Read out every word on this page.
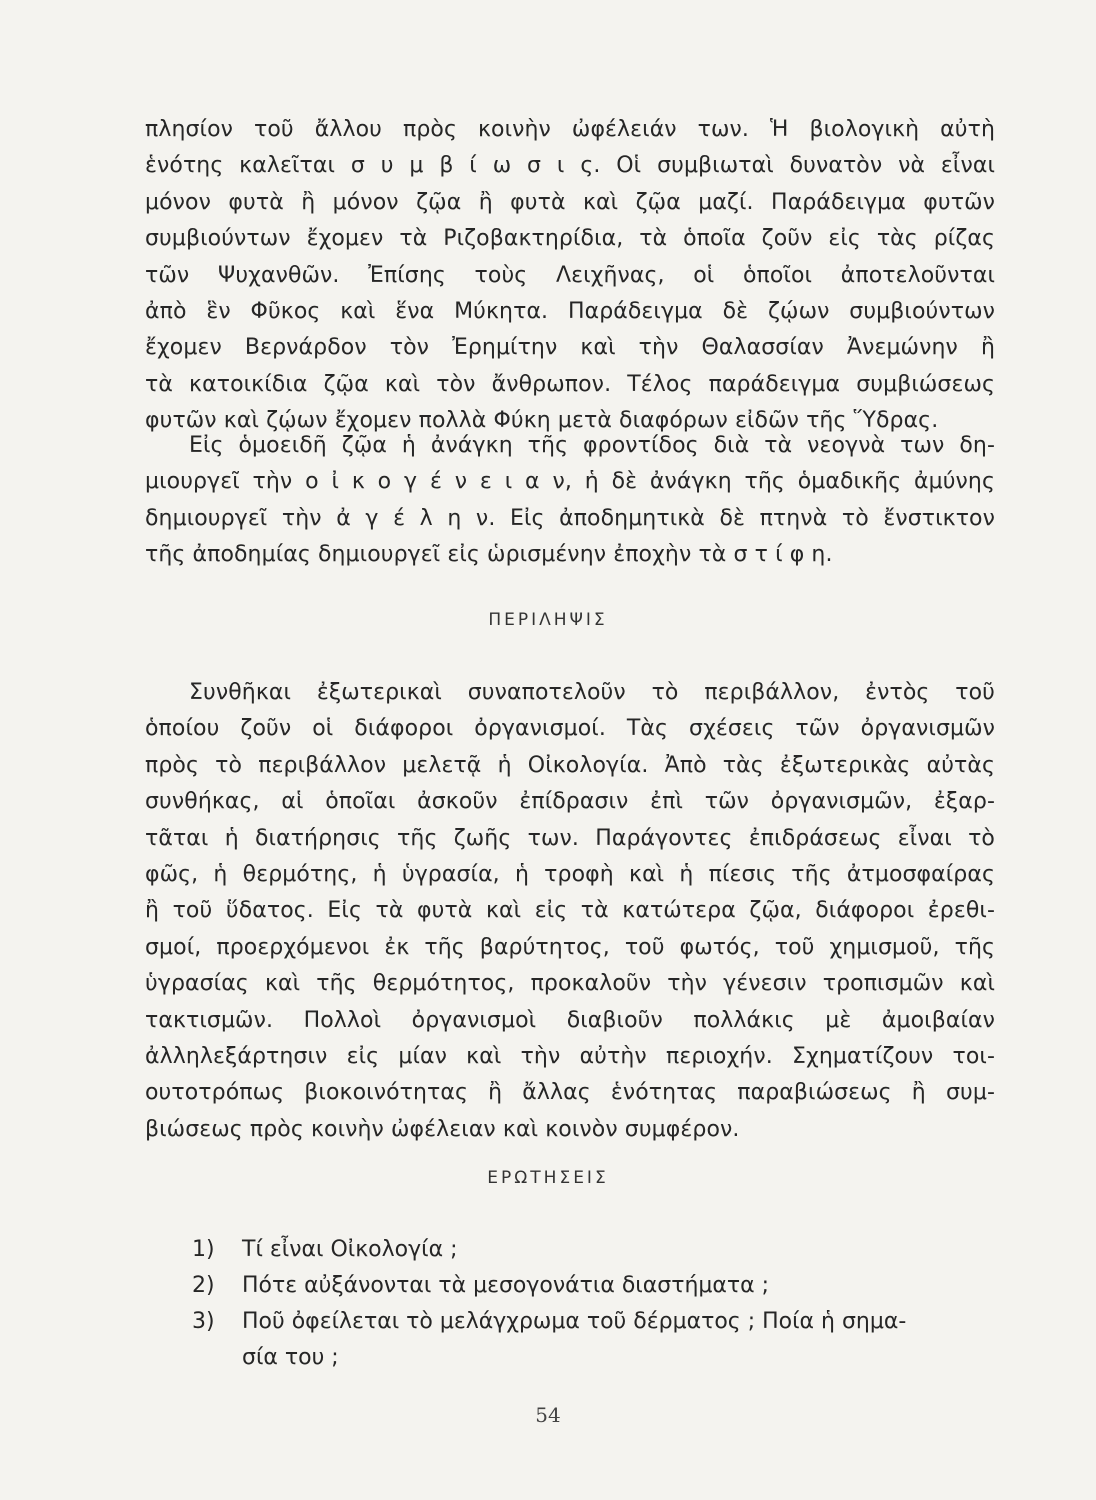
πλησίον τοῦ ἄλλου πρὸς κοινὴν ὠφέλειάν των. Ἡ βιολογικὴ αὐτὴ

ἑνότης καλεῖται σ υ μ β ί ω σ ι ς. Οἱ συμβιωταὶ δυνατὸν νὰ εἶναι

μόνον φυτὰ ἢ μόνον ζῷα ἢ φυτὰ καὶ ζῷα μαζί. Παράδειγμα φυτῶν

συμβιούντων ἔχομεν τὰ Ριζοβακτηρίδια, τὰ ὁποῖα ζοῦν εἰς τὰς ρίζας

τῶν Ψυχανθῶν. Ἐπίσης τοὺς Λειχῆνας, οἱ ὁποῖοι ἀποτελοῦνται

ἀπὸ ἓν Φῦκος καὶ ἕνα Μύκητα. Παράδειγμα δὲ ζῴων συμβιούντων

ἔχομεν Βερνάρδον τὸν Ἐρημίτην καὶ τὴν Θαλασσίαν Ἀνεμώνην ἢ

τὰ κατοικίδια ζῷα καὶ τὸν ἄνθρωπον. Τέλος παράδειγμα συμβιώσεως

φυτῶν καὶ ζῴων ἔχομεν πολλὰ Φύκη μετὰ διαφόρων εἰδῶν τῆς Ὕδρας.

Εἰς ὁμοειδῆ ζῷα ἡ ἀνάγκη τῆς φροντίδος διὰ τὰ νεογνὰ των δη-

μιουργεῖ τὴν ο ἰ κ ο γ έ ν ε ι α ν, ἡ δὲ ἀνάγκη τῆς ὁμαδικῆς ἀμύνης

δημιουργεῖ τὴν ἀ γ έ λ η ν. Εἰς ἀποδημητικὰ δὲ πτηνὰ τὸ ἔνστικτον

τῆς ἀποδημίας δημιουργεῖ εἰς ὡρισμένην ἐποχὴν τὰ σ τ ί φ η.

ΠΕΡΙΛΗΨΙΣ

Συνθῆκαι ἐξωτερικαὶ συναποτελοῦν τὸ περιβάλλον, ἐντὸς τοῦ

ὁποίου ζοῦν οἱ διάφοροι ὀργανισμοί. Τὰς σχέσεις τῶν ὀργανισμῶν

πρὸς τὸ περιβάλλον μελετᾷ ἡ Οἰκολογία. Ἀπὸ τὰς ἐξωτερικὰς αὐτὰς

συνθήκας, αἱ ὁποῖαι ἀσκοῦν ἐπίδρασιν ἐπὶ τῶν ὀργανισμῶν, ἐξαρ-

τᾶται ἡ διατήρησις τῆς ζωῆς των. Παράγοντες ἐπιδράσεως εἶναι τὸ

φῶς, ἡ θερμότης, ἡ ὑγρασία, ἡ τροφὴ καὶ ἡ πίεσις τῆς ἀτμοσφαίρας

ἢ τοῦ ὕδατος. Εἰς τὰ φυτὰ καὶ εἰς τὰ κατώτερα ζῷα, διάφοροι ἐρεθι-

σμοί, προερχόμενοι ἐκ τῆς βαρύτητος, τοῦ φωτός, τοῦ χημισμοῦ, τῆς

ὑγρασίας καὶ τῆς θερμότητος, προκαλοῦν τὴν γένεσιν τροπισμῶν καὶ

τακτισμῶν. Πολλοὶ ὀργανισμοὶ διαβιοῦν πολλάκις μὲ ἀμοιβαίαν

ἀλληλεξάρτησιν εἰς μίαν καὶ τὴν αὐτὴν περιοχήν. Σχηματίζουν τοι-

ουτοτρόπως βιοκοινότητας ἢ ἄλλας ἑνότητας παραβιώσεως ἢ συμ-

βιώσεως πρὸς κοινὴν ὠφέλειαν καὶ κοινὸν συμφέρον.

ΕΡΩΤΗΣΕΙΣ
1)	Τί εἶναι Οἰκολογία ;
2)	Πότε αὐξάνονται τὰ μεσογονάτια διαστήματα ;
3)	Ποῦ ὀφείλεται τὸ μελάγχρωμα τοῦ δέρματος ; Ποία ἡ σημα-
σία του ;
54
